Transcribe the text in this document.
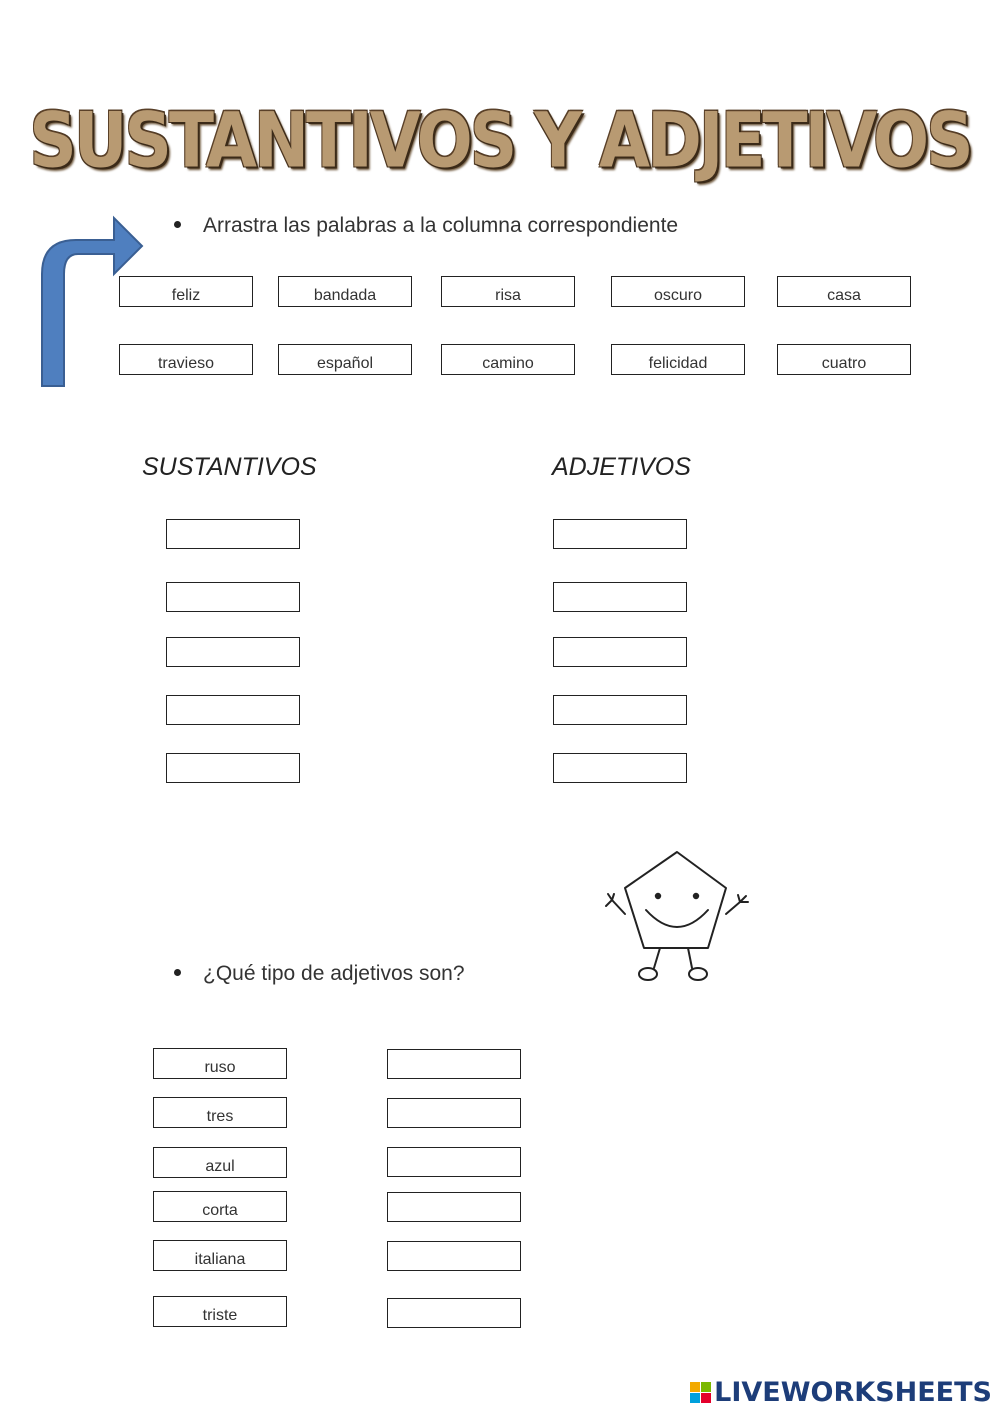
SUSTANTIVOS Y ADJETIVOS
Arrastra las palabras a la columna correspondiente
feliz	bandada	risa	oscuro	casa
travieso	español	camino	felicidad	cuatro
SUSTANTIVOS	ADJETIVOS
¿Qué tipo de adjetivos son?
ruso
tres
azul
corta
italiana
triste
LIVEWORKSHEETS
